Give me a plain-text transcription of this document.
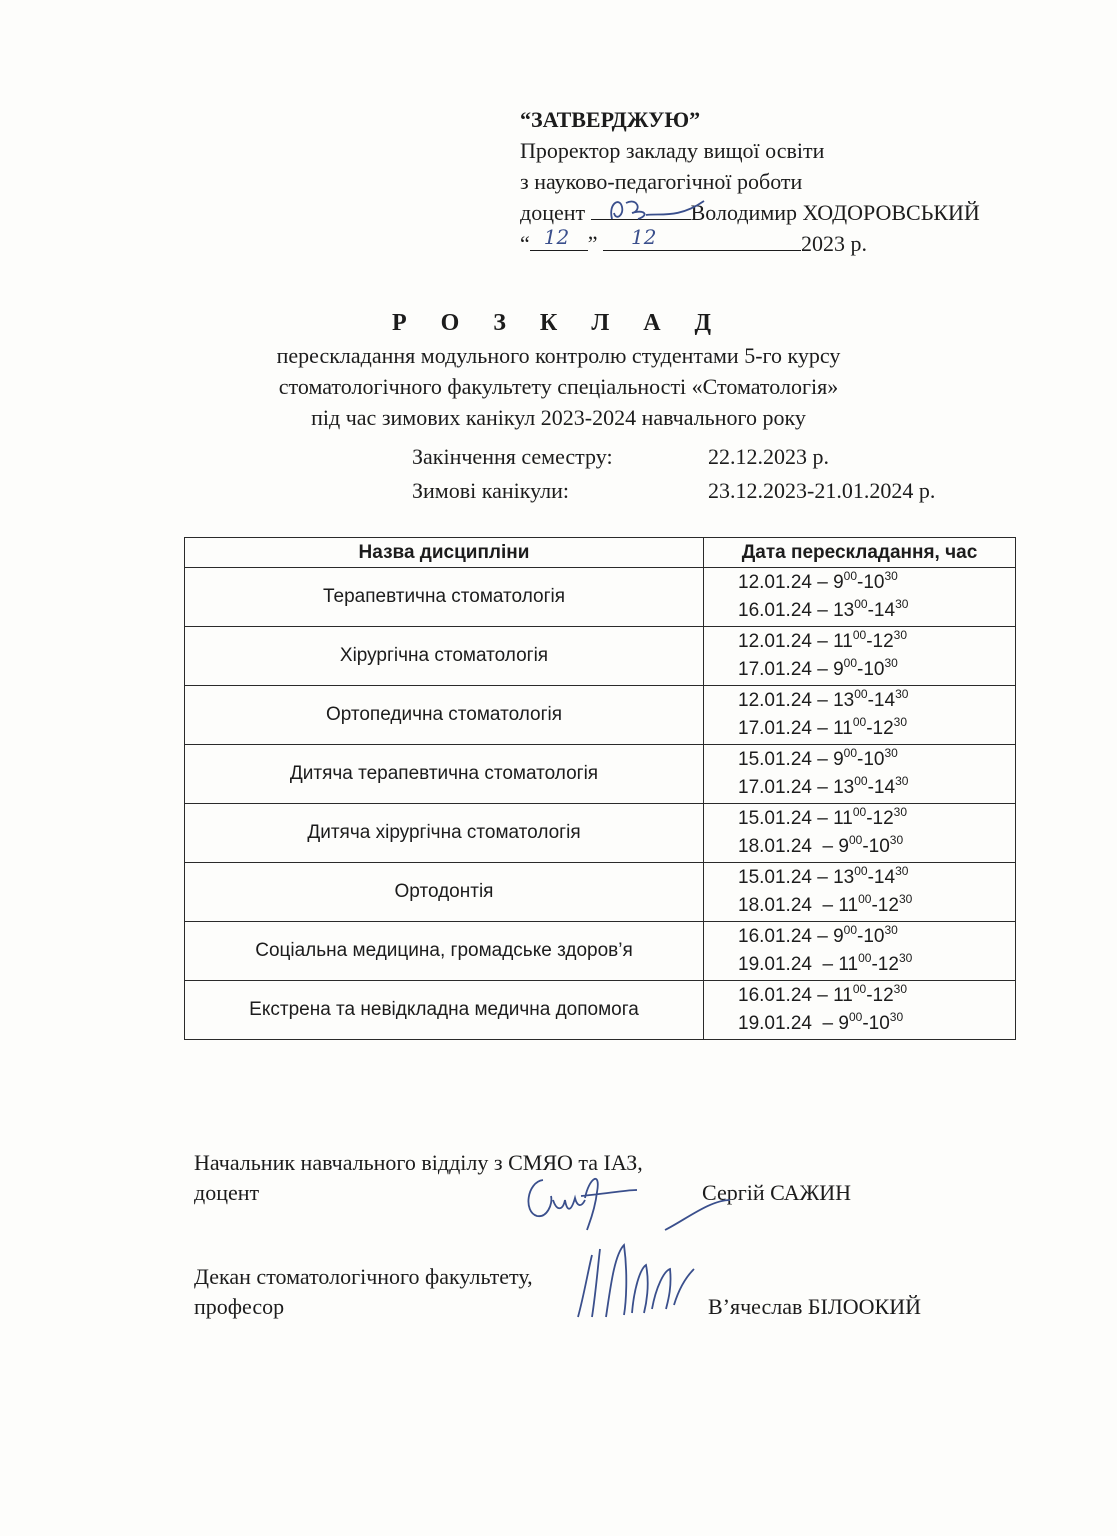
“ЗАТВЕРДЖУЮ”
Проректор закладу вищої освіти
з науково-педагогічної роботи
доцент	Володимир ХОДОРОВСЬКИЙ
“ 12 ” 12	2023 р.
Р О З К Л А Д
перескладання модульного контролю студентами 5-го курсу
стоматологічного факультету спеціальності «Стоматологія»
під час зимових канікул 2023-2024 навчального року
Закінчення семестру:	22.12.2023 р.
Зимові канікули:	23.12.2023-21.01.2024 р.
Назва дисципліни	Дата перескладання, час
Терапевтична стоматологія	$12.01.24 - 9^{00}-10^{30}$
$16.01.24 - 13^{00}-14^{30}$

Хірургічна стоматологія	$12.01.24 - 11^{00}-12^{30}$
$17.01.24 - 9^{00}-10^{30}$

Ортопедична стоматологія	$12.01.24 - 13^{00}-14^{30}$
$17.01.24 - 11^{00}-12^{30}$

Дитяча терапевтична стоматологія	$15.01.24 - 9^{00}-10^{30}$
$17.01.24 - 13^{00}-14^{30}$

Дитяча хірургічна стоматологія	$15.01.24 - 11^{00}-12^{30}$
$18.01.24 - 9^{00}-10^{30}$

Ортодонтія	$15.01.24 - 13^{00}-14^{30}$
$18.01.24 - 11^{00}-12^{30}$

Соціальна медицина, громадське здоров’я	$16.01.24 - 9^{00}-10^{30}$
$19.01.24 - 11^{00}-12^{30}$

Екстрена та невідкладна медична допомога	$16.01.24 - 11^{00}-12^{30}$
$19.01.24 - 9^{00}-10^{30}$
Начальник навчального відділу з СМЯО та ІАЗ,
доцент	Сергій САЖИН
Декан стоматологічного факультету,
професор	В’ячеслав БІЛООКИЙ
